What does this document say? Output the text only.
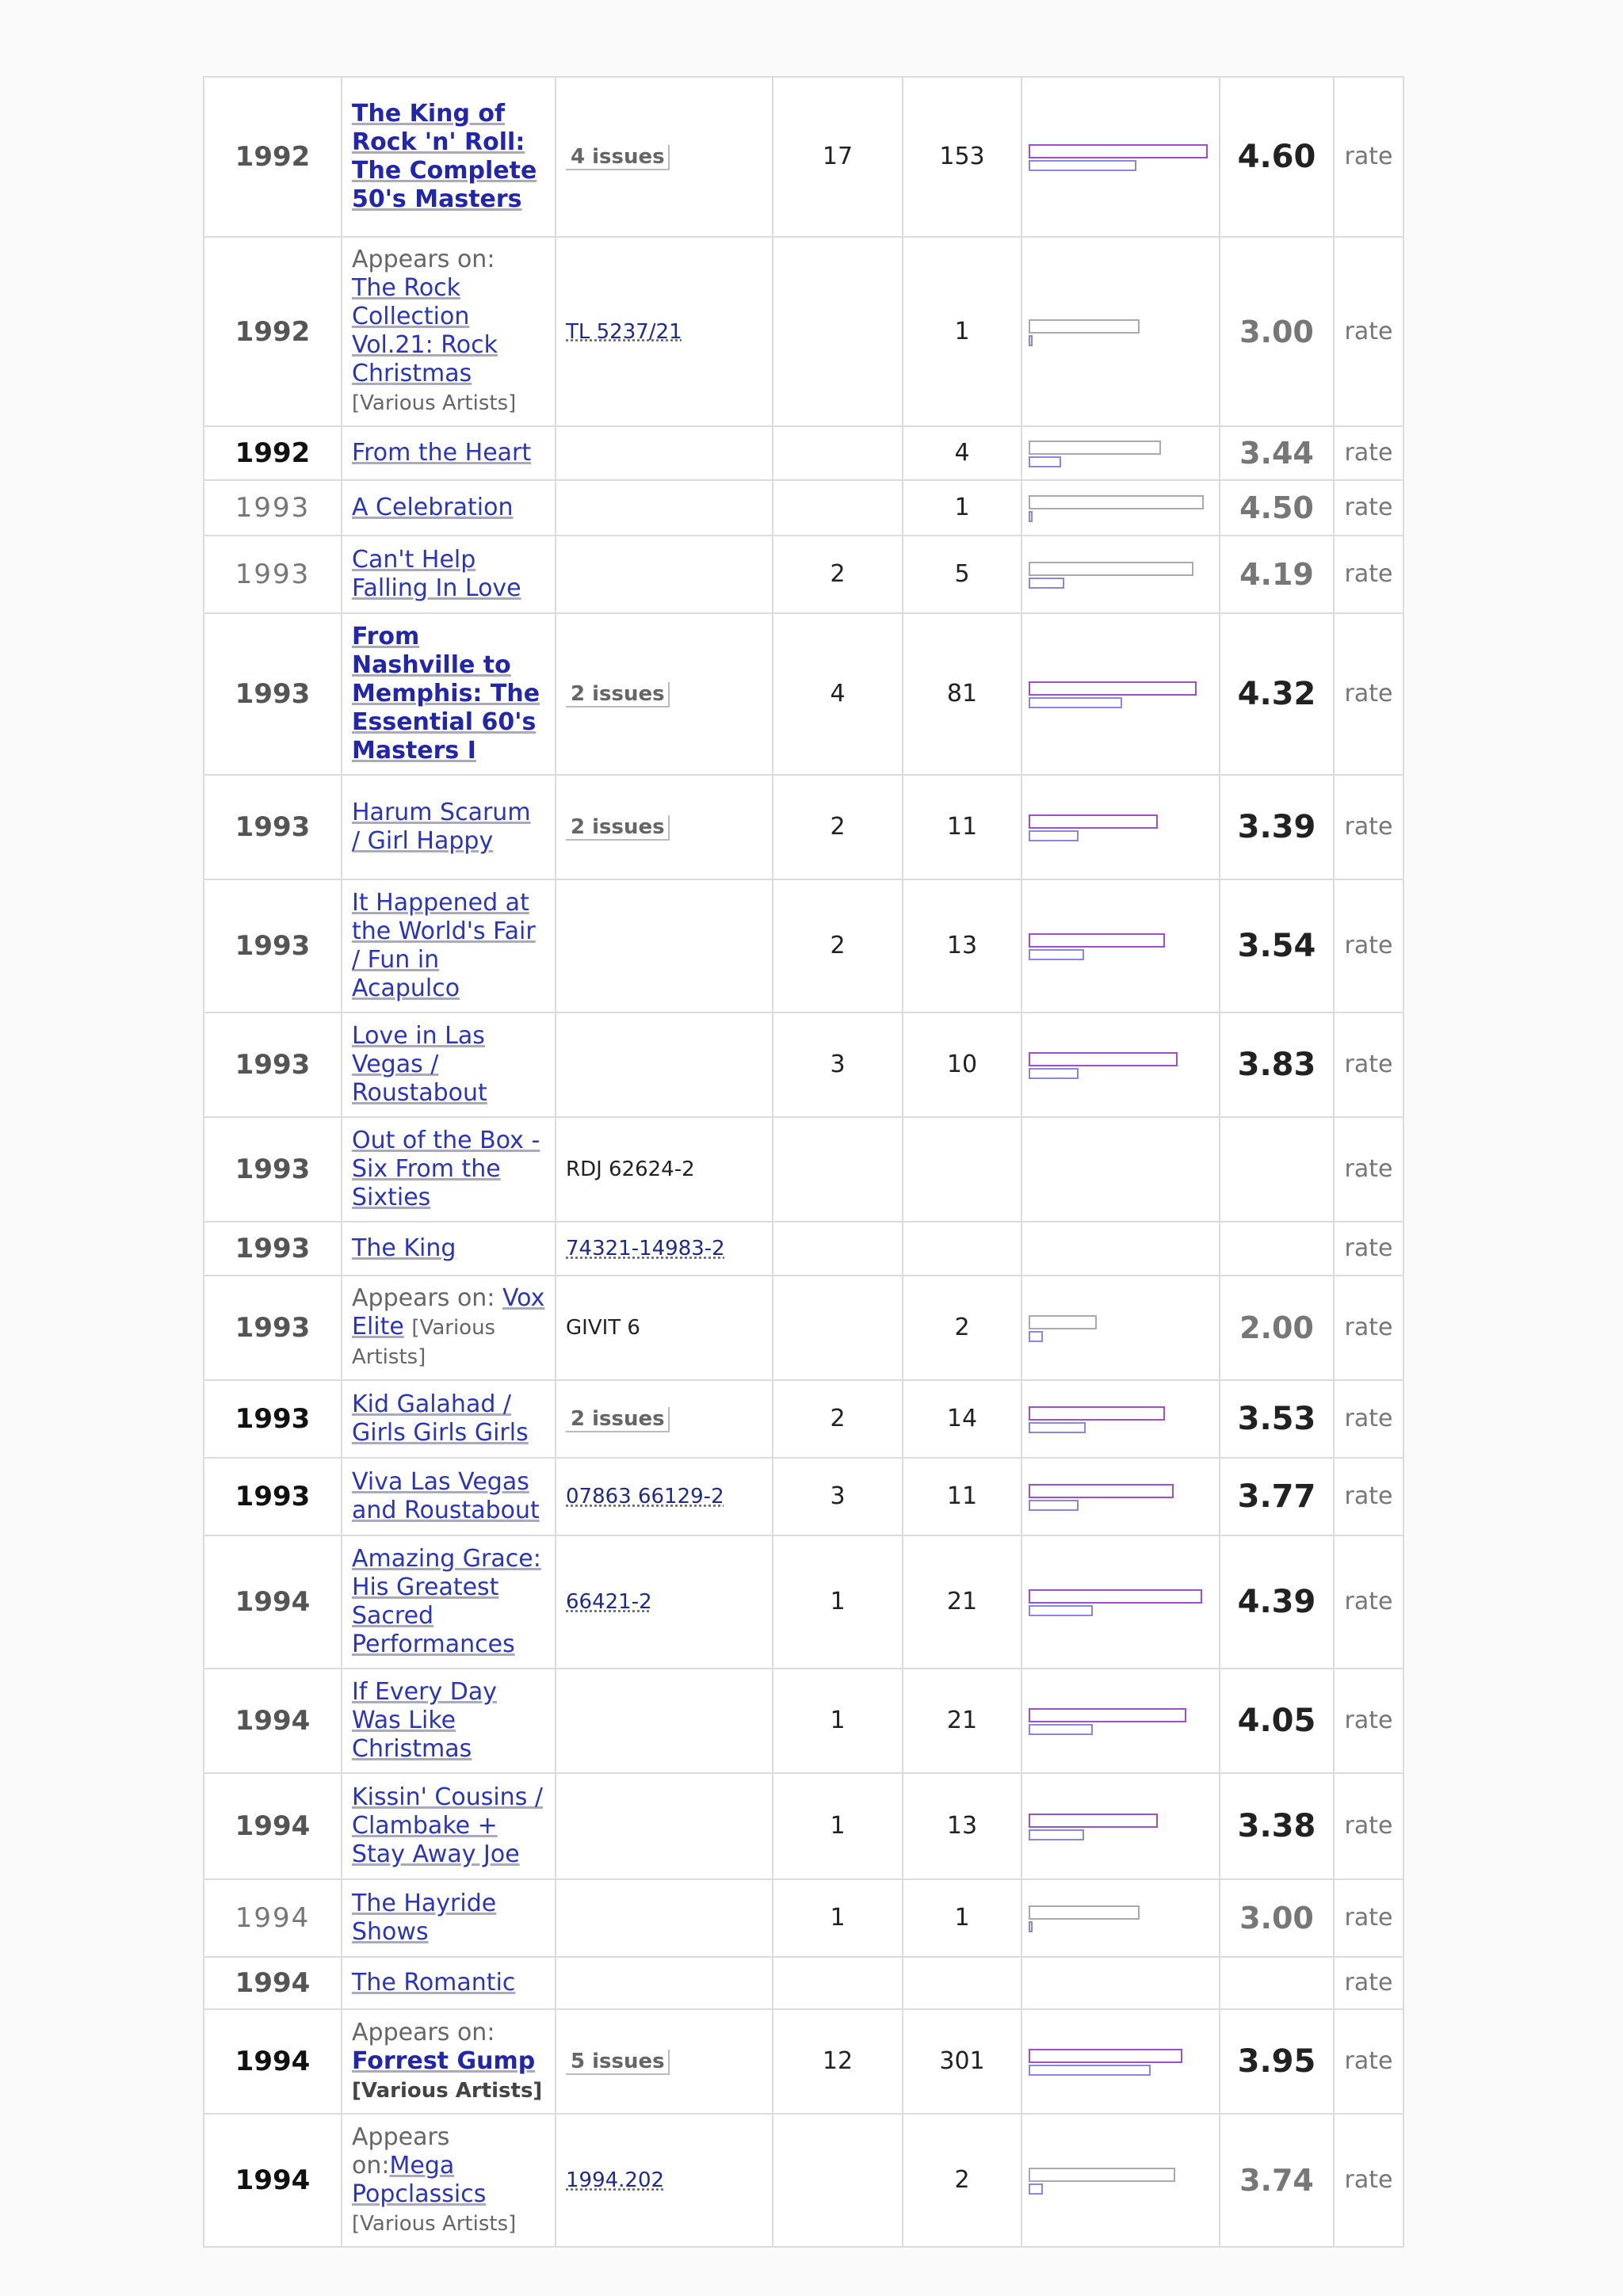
1992	The King of Rock 'n' Roll: The Complete 50's Masters	4 issues	17	153		4.60	rate
1992	Appears on: The Rock Collection Vol.21: Rock Christmas [Various Artists]	TL 5237/21		1		3.00	rate
1992	From the Heart			4		3.44	rate
1993	A Celebration			1		4.50	rate
1993	Can't Help Falling In Love		2	5		4.19	rate
1993	From Nashville to Memphis: The Essential 60's Masters I	2 issues	4	81		4.32	rate
1993	Harum Scarum / Girl Happy	2 issues	2	11		3.39	rate
1993	It Happened at the World's Fair / Fun in Acapulco		2	13		3.54	rate
1993	Love in Las Vegas / Roustabout		3	10		3.83	rate
1993	Out of the Box - Six From the Sixties	RDJ 62624-2					rate
1993	The King	74321-14983-2					rate
1993	Appears on: Vox Elite [Various Artists]	GIVIT 6		2		2.00	rate
1993	Kid Galahad / Girls Girls Girls	2 issues	2	14		3.53	rate
1993	Viva Las Vegas and Roustabout	07863 66129-2	3	11		3.77	rate
1994	Amazing Grace: His Greatest Sacred Performances	66421-2	1	21		4.39	rate
1994	If Every Day Was Like Christmas		1	21		4.05	rate
1994	Kissin' Cousins / Clambake + Stay Away Joe		1	13		3.38	rate
1994	The Hayride Shows		1	1		3.00	rate
1994	The Romantic						rate
1994	Appears on:
Forrest Gump
[Various Artists]	5 issues	12	301		3.95	rate
1994	Appears on:Mega Popclassics [Various Artists]	1994.202		2		3.74	rate
